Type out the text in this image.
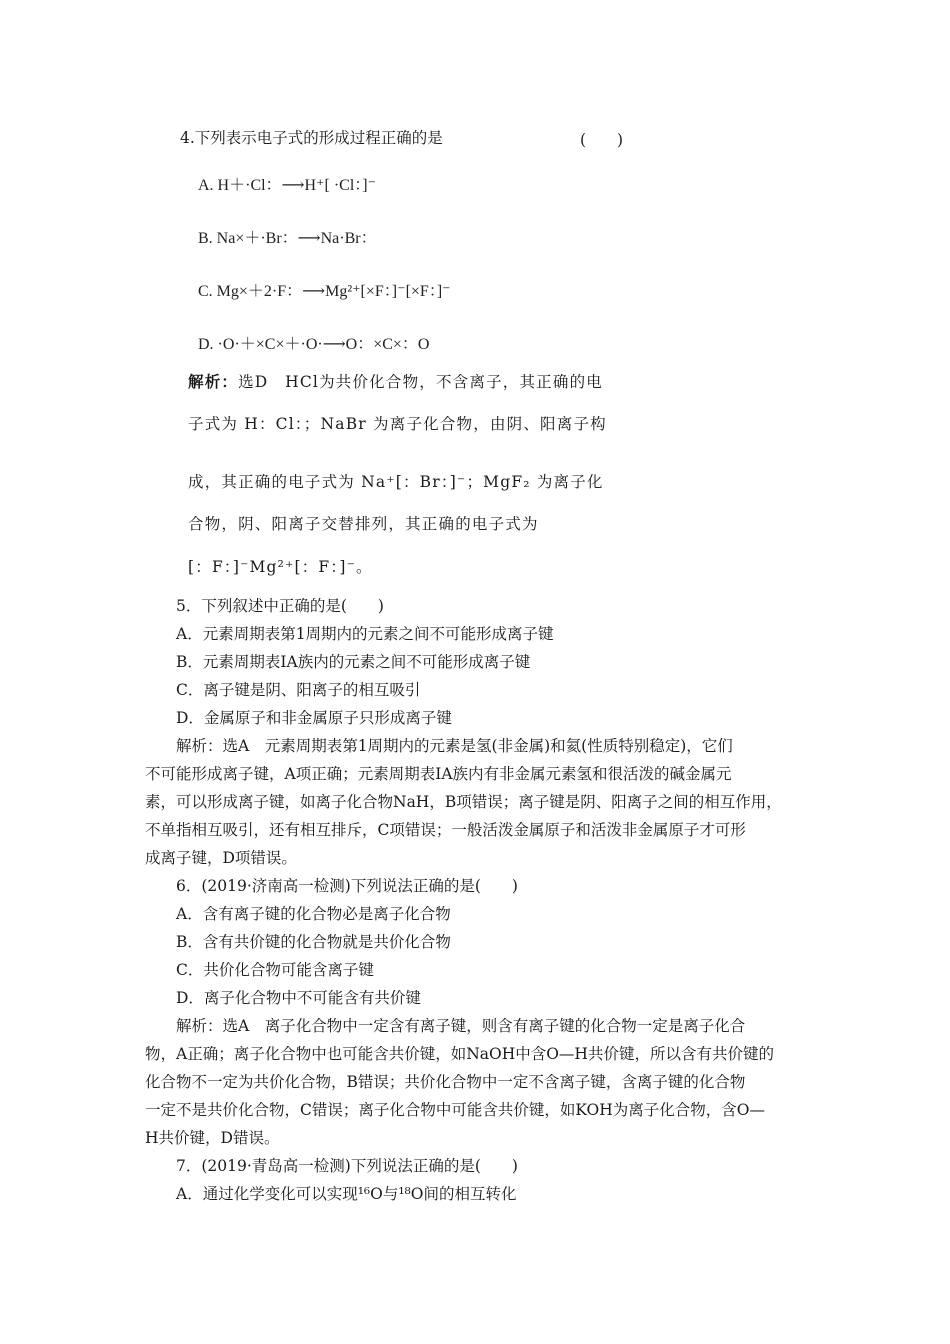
4.下列表示电子式的形成过程正确的是	(　　)
A. H＋·Cl：⟶H⁺[ ·Cl：]⁻
B. Na×＋·Br：⟶Na·Br：
C. Mg×＋2·F：⟶Mg²⁺[×F：]⁻[×F：]⁻
D. ·O·＋×C×＋·O·⟶O：×C×：O
解析：选D　HCl为共价化合物，不含离子，其正确的电
子式为 H：Cl：；NaBr 为离子化合物，由阴、阳离子构
成，其正确的电子式为 Na⁺[：Br：]⁻；MgF₂ 为离子化
合物，阴、阳离子交替排列，其正确的电子式为
[：F：]⁻Mg²⁺[：F：]⁻。
5．下列叙述中正确的是(　　)
A．元素周期表第1周期内的元素之间不可能形成离子键
B．元素周期表ⅠA族内的元素之间不可能形成离子键
C．离子键是阴、阳离子的相互吸引
D．金属原子和非金属原子只形成离子键
解析：选A　元素周期表第1周期内的元素是氢(非金属)和氦(性质特别稳定)，它们
不可能形成离子键，A项正确；元素周期表ⅠA族内有非金属元素氢和很活泼的碱金属元
素，可以形成离子键，如离子化合物NaH，B项错误；离子键是阴、阳离子之间的相互作用，
不单指相互吸引，还有相互排斥，C项错误；一般活泼金属原子和活泼非金属原子才可形
成离子键，D项错误。
6．(2019·济南高一检测)下列说法正确的是(　　)
A．含有离子键的化合物必是离子化合物
B．含有共价键的化合物就是共价化合物
C．共价化合物可能含离子键
D．离子化合物中不可能含有共价键
解析：选A　离子化合物中一定含有离子键，则含有离子键的化合物一定是离子化合
物，A正确；离子化合物中也可能含共价键，如NaOH中含O—H共价键，所以含有共价键的
化合物不一定为共价化合物，B错误；共价化合物中一定不含离子键，含离子键的化合物
一定不是共价化合物，C错误；离子化合物中可能含共价键，如KOH为离子化合物，含O—
H共价键，D错误。
7．(2019·青岛高一检测)下列说法正确的是(　　)
A．通过化学变化可以实现¹⁶O与¹⁸O间的相互转化
